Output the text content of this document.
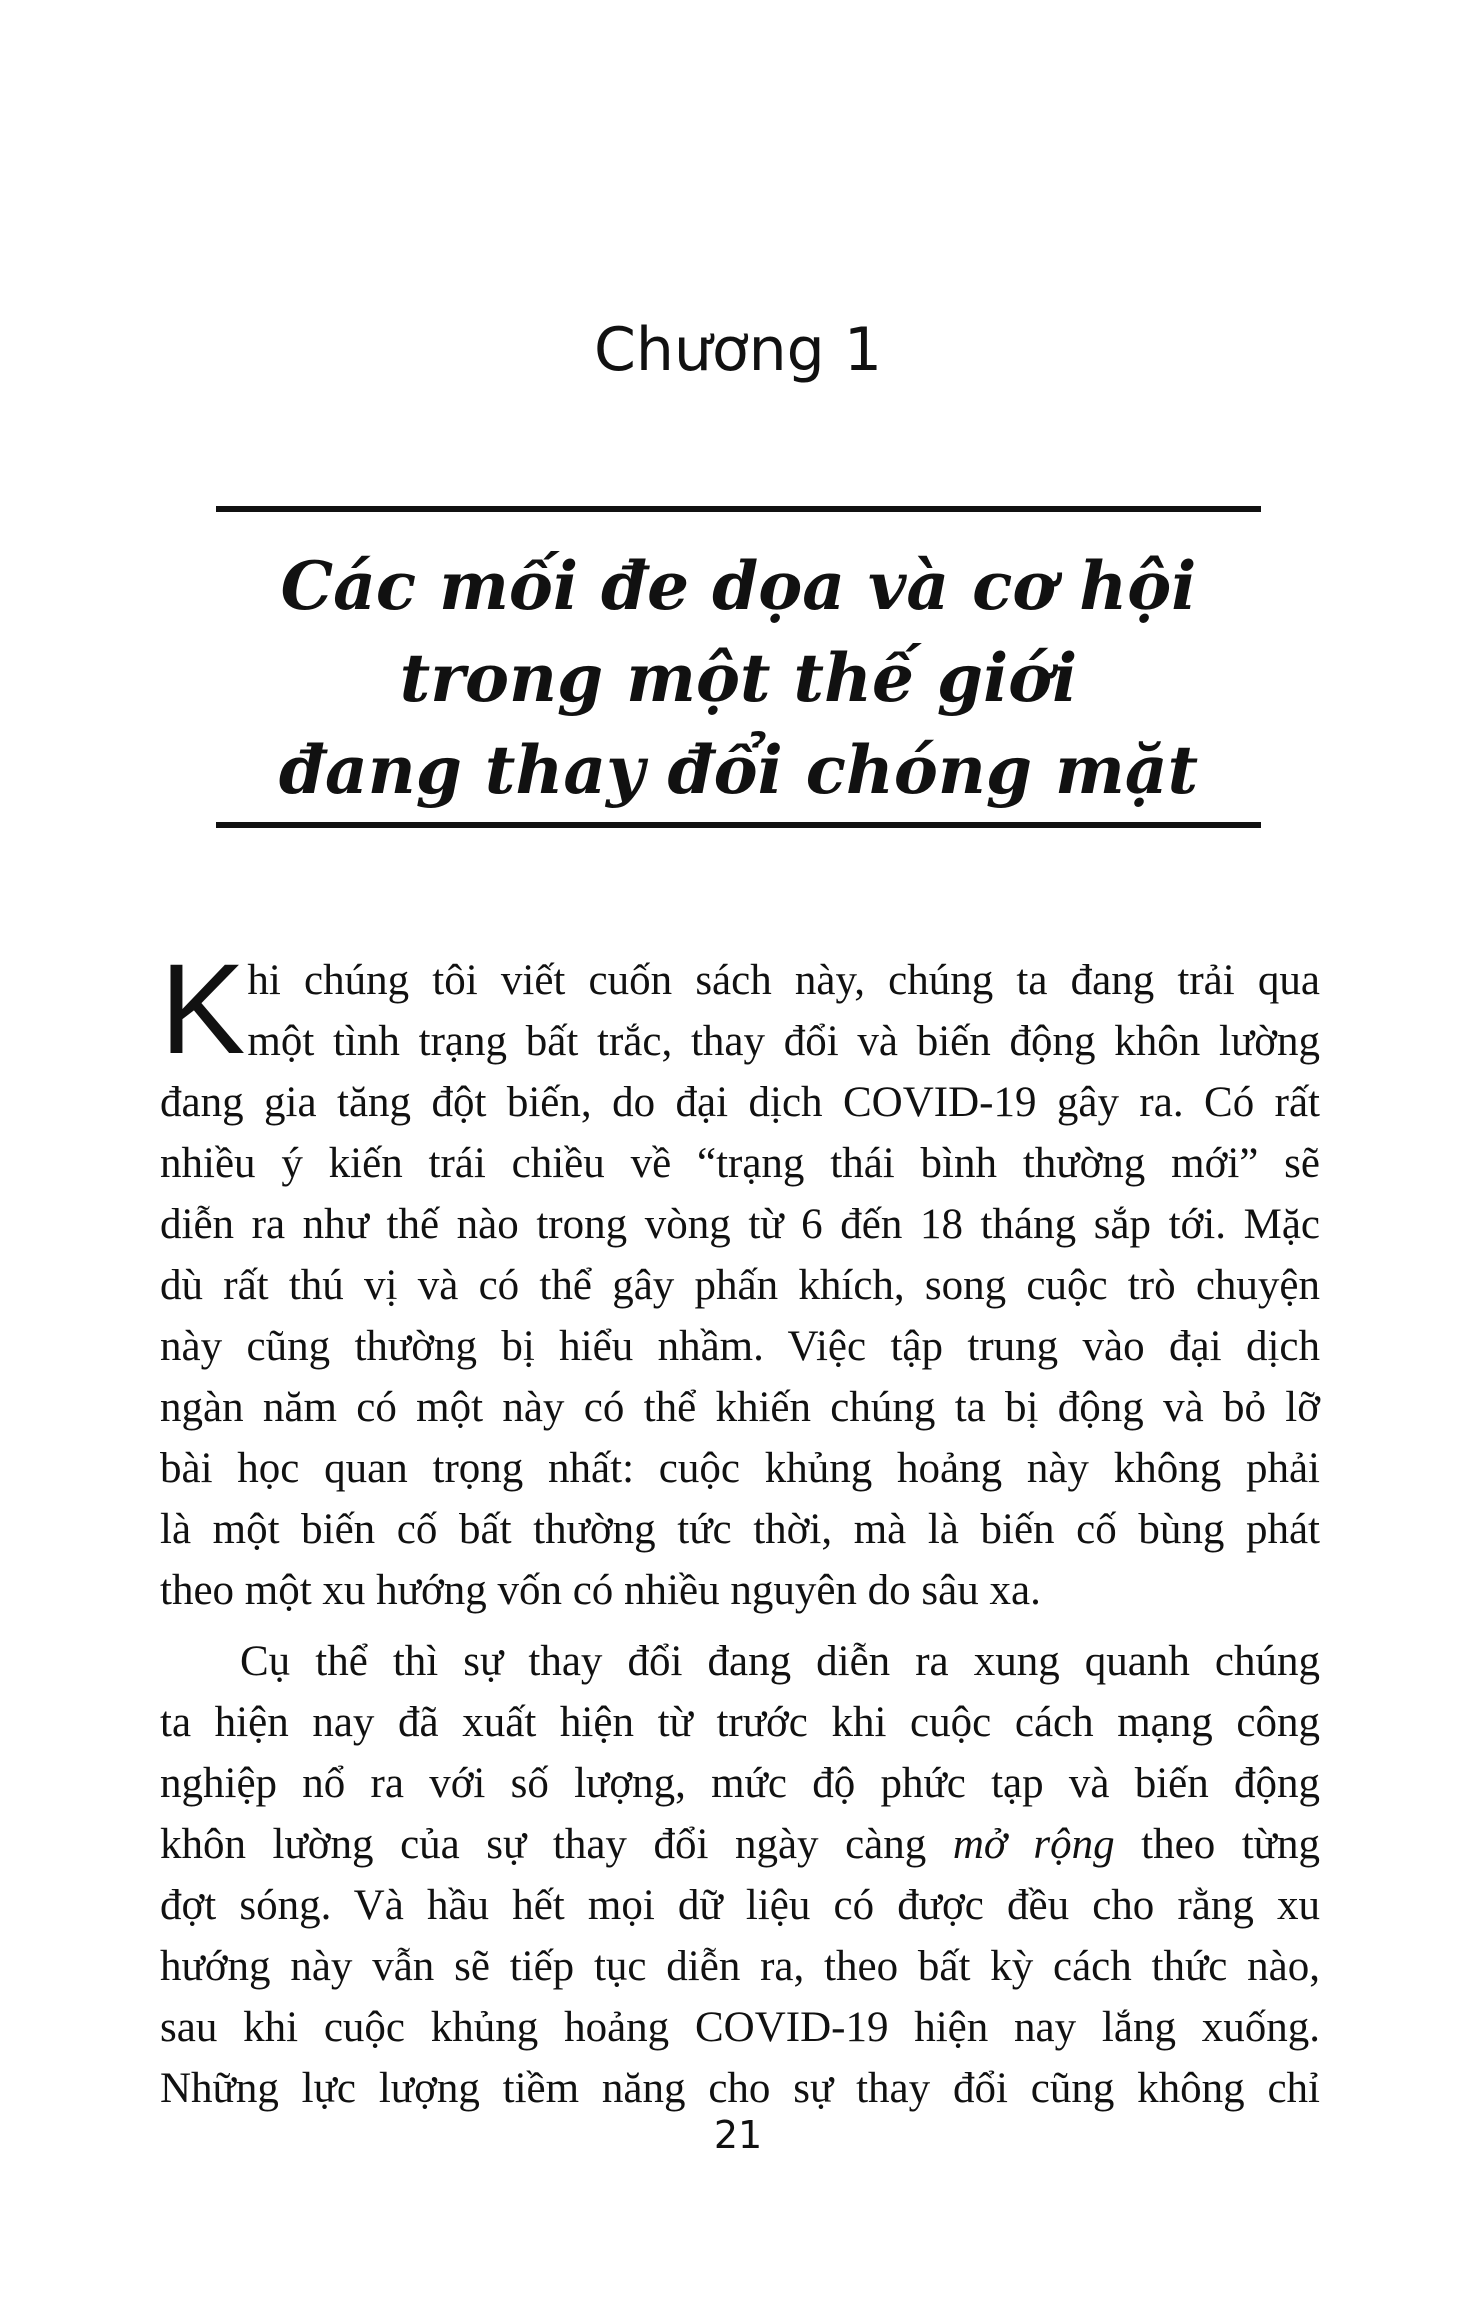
Chương 1
Các mối đe dọa và cơ hội
trong một thế giới
đang thay đổi chóng mặt
K hi chúng tôi viết cuốn sách này, chúng ta đang trải qua
một tình trạng bất trắc, thay đổi và biến động khôn lường
đang gia tăng đột biến, do đại dịch COVID-19 gây ra. Có rất
nhiều ý kiến trái chiều về “trạng thái bình thường mới” sẽ
diễn ra như thế nào trong vòng từ 6 đến 18 tháng sắp tới. Mặc
dù rất thú vị và có thể gây phấn khích, song cuộc trò chuyện
này cũng thường bị hiểu nhầm. Việc tập trung vào đại dịch
ngàn năm có một này có thể khiến chúng ta bị động và bỏ lỡ
bài học quan trọng nhất: cuộc khủng hoảng này không phải
là một biến cố bất thường tức thời, mà là biến cố bùng phát
theo một xu hướng vốn có nhiều nguyên do sâu xa.
Cụ thể thì sự thay đổi đang diễn ra xung quanh chúng
ta hiện nay đã xuất hiện từ trước khi cuộc cách mạng công
nghiệp nổ ra với số lượng, mức độ phức tạp và biến động
khôn lường của sự thay đổi ngày càng mở rộng theo từng
đợt sóng. Và hầu hết mọi dữ liệu có được đều cho rằng xu
hướng này vẫn sẽ tiếp tục diễn ra, theo bất kỳ cách thức nào,
sau khi cuộc khủng hoảng COVID-19 hiện nay lắng xuống.
Những lực lượng tiềm năng cho sự thay đổi cũng không chỉ
21
